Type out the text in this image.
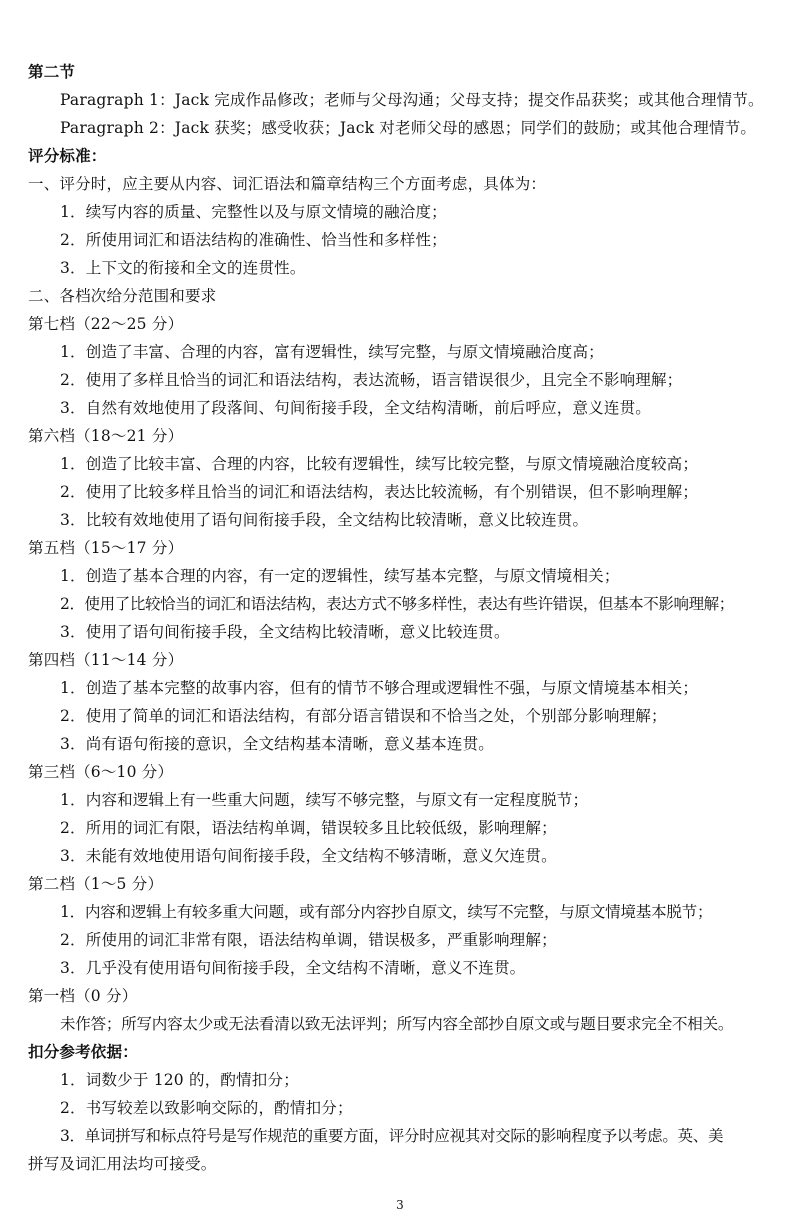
第二节
Paragraph 1：Jack 完成作品修改；老师与父母沟通；父母支持；提交作品获奖；或其他合理情节。
Paragraph 2：Jack 获奖；感受收获；Jack 对老师父母的感恩；同学们的鼓励；或其他合理情节。
评分标准：
一、评分时，应主要从内容、词汇语法和篇章结构三个方面考虑，具体为：
1．续写内容的质量、完整性以及与原文情境的融洽度；
2．所使用词汇和语法结构的准确性、恰当性和多样性；
3．上下文的衔接和全文的连贯性。
二、各档次给分范围和要求
第七档（22～25 分）
1．创造了丰富、合理的内容，富有逻辑性，续写完整，与原文情境融洽度高；
2．使用了多样且恰当的词汇和语法结构，表达流畅，语言错误很少，且完全不影响理解；
3．自然有效地使用了段落间、句间衔接手段，全文结构清晰，前后呼应，意义连贯。
第六档（18～21 分）
1．创造了比较丰富、合理的内容，比较有逻辑性，续写比较完整，与原文情境融洽度较高；
2．使用了比较多样且恰当的词汇和语法结构，表达比较流畅，有个别错误，但不影响理解；
3．比较有效地使用了语句间衔接手段，全文结构比较清晰，意义比较连贯。
第五档（15～17 分）
1．创造了基本合理的内容，有一定的逻辑性，续写基本完整，与原文情境相关；
2．使用了比较恰当的词汇和语法结构，表达方式不够多样性，表达有些许错误，但基本不影响理解；
3．使用了语句间衔接手段，全文结构比较清晰，意义比较连贯。
第四档（11～14 分）
1．创造了基本完整的故事内容，但有的情节不够合理或逻辑性不强，与原文情境基本相关；
2．使用了简单的词汇和语法结构，有部分语言错误和不恰当之处，个别部分影响理解；
3．尚有语句衔接的意识，全文结构基本清晰，意义基本连贯。
第三档（6～10 分）
1．内容和逻辑上有一些重大问题，续写不够完整，与原文有一定程度脱节；
2．所用的词汇有限，语法结构单调，错误较多且比较低级，影响理解；
3．未能有效地使用语句间衔接手段，全文结构不够清晰，意义欠连贯。
第二档（1～5 分）
1．内容和逻辑上有较多重大问题，或有部分内容抄自原文，续写不完整，与原文情境基本脱节；
2．所使用的词汇非常有限，语法结构单调，错误极多，严重影响理解；
3．几乎没有使用语句间衔接手段，全文结构不清晰，意义不连贯。
第一档（0 分）
未作答；所写内容太少或无法看清以致无法评判；所写内容全部抄自原文或与题目要求完全不相关。
扣分参考依据：
1．词数少于 120 的，酌情扣分；
2．书写较差以致影响交际的，酌情扣分；
3．单词拼写和标点符号是写作规范的重要方面，评分时应视其对交际的影响程度予以考虑。英、美
拼写及词汇用法均可接受。
3
